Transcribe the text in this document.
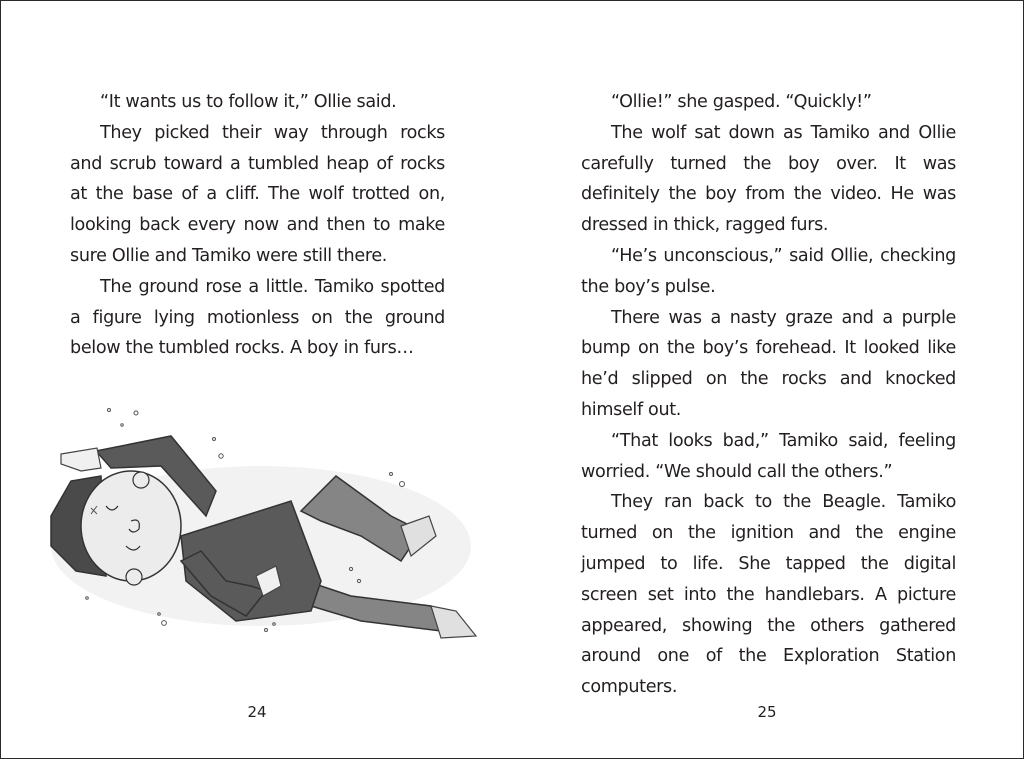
“It wants us to follow it,” Ollie said.

They picked their way through rocks and scrub toward a tumbled heap of rocks at the base of a cliff. The wolf trotted on, looking back every now and then to make sure Ollie and Tamiko were still there.

The ground rose a little. Tamiko spotted a figure lying motionless on the ground below the tumbled rocks. A boy in furs…

24

“Ollie!” she gasped. “Quickly!”

The wolf sat down as Tamiko and Ollie carefully turned the boy over. It was definitely the boy from the video. He was dressed in thick, ragged furs.

“He’s unconscious,” said Ollie, checking the boy’s pulse.

There was a nasty graze and a purple bump on the boy’s forehead. It looked like he’d slipped on the rocks and knocked himself out.

“That looks bad,” Tamiko said, feeling worried. “We should call the others.”

They ran back to the Beagle. Tamiko turned on the ignition and the engine jumped to life. She tapped the digital screen set into the handlebars. A picture appeared, showing the others gathered around one of the Exploration Station computers.

25
